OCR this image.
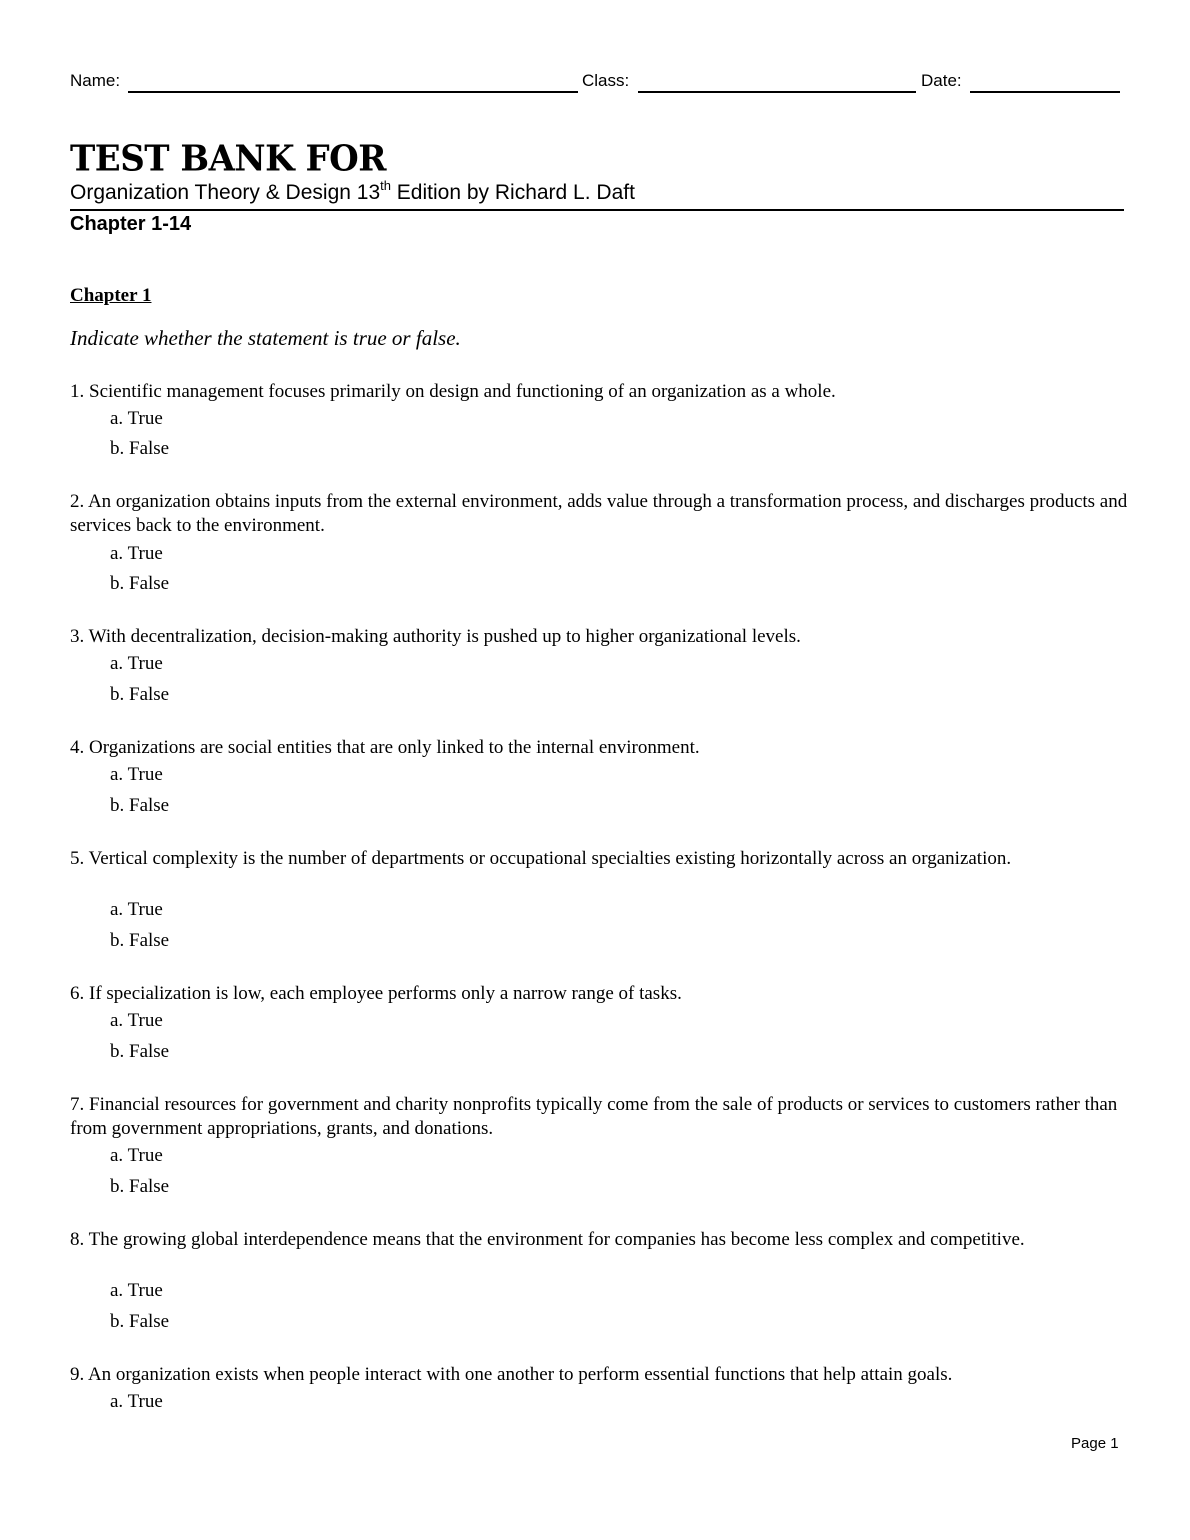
Name:	Class:	Date:
TEST BANK FOR
Organization Theory & Design 13th Edition by Richard L. Daft
Chapter 1-14
Chapter 1
Indicate whether the statement is true or false.
1. Scientific management focuses primarily on design and functioning of an organization as a whole.
a. True
b. False
2. An organization obtains inputs from the external environment, adds value through a transformation process, and discharges products and services back to the environment.
a. True
b. False
3. With decentralization, decision-making authority is pushed up to higher organizational levels.
a. True
b. False
4. Organizations are social entities that are only linked to the internal environment.
a. True
b. False
5. Vertical complexity is the number of departments or occupational specialties existing horizontally across an organization.
a. True
b. False
6. If specialization is low, each employee performs only a narrow range of tasks.
a. True
b. False
7. Financial resources for government and charity nonprofits typically come from the sale of products or services to customers rather than from government appropriations, grants, and donations.
a. True
b. False
8. The growing global interdependence means that the environment for companies has become less complex and competitive.
a. True
b. False
9. An organization exists when people interact with one another to perform essential functions that help attain goals.
a. True
Page 1
